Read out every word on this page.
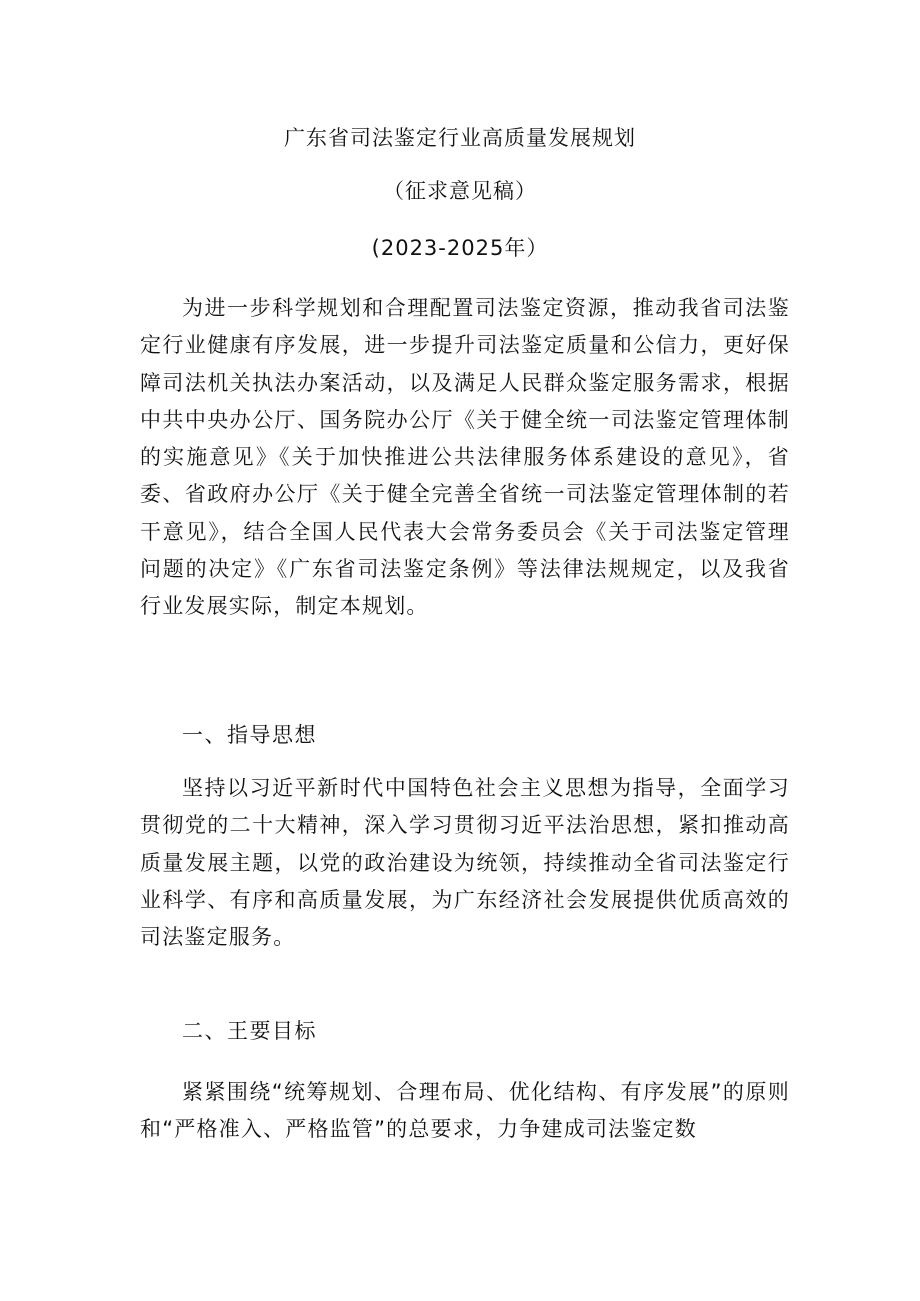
广东省司法鉴定行业高质量发展规划
（征求意见稿）
(2023-2025年）

为进一步科学规划和合理配置司法鉴定资源，推动我省司法鉴定行业健康有序发展，进一步提升司法鉴定质量和公信力，更好保障司法机关执法办案活动，以及满足人民群众鉴定服务需求，根据中共中央办公厅、国务院办公厅《关于健全统一司法鉴定管理体制的实施意见》《关于加快推进公共法律服务体系建设的意见》，省委、省政府办公厅《关于健全完善全省统一司法鉴定管理体制的若干意见》，结合全国人民代表大会常务委员会《关于司法鉴定管理问题的决定》《广东省司法鉴定条例》等法律法规规定，以及我省行业发展实际，制定本规划。

一、指导思想

坚持以习近平新时代中国特色社会主义思想为指导，全面学习贯彻党的二十大精神，深入学习贯彻习近平法治思想，紧扣推动高质量发展主题，以党的政治建设为统领，持续推动全省司法鉴定行业科学、有序和高质量发展，为广东经济社会发展提供优质高效的司法鉴定服务。

二、王要目标

紧紧围绕“统筹规划、合理布局、优化结构、有序发展”的原则和“严格准入、严格监管”的总要求，力争建成司法鉴定数
